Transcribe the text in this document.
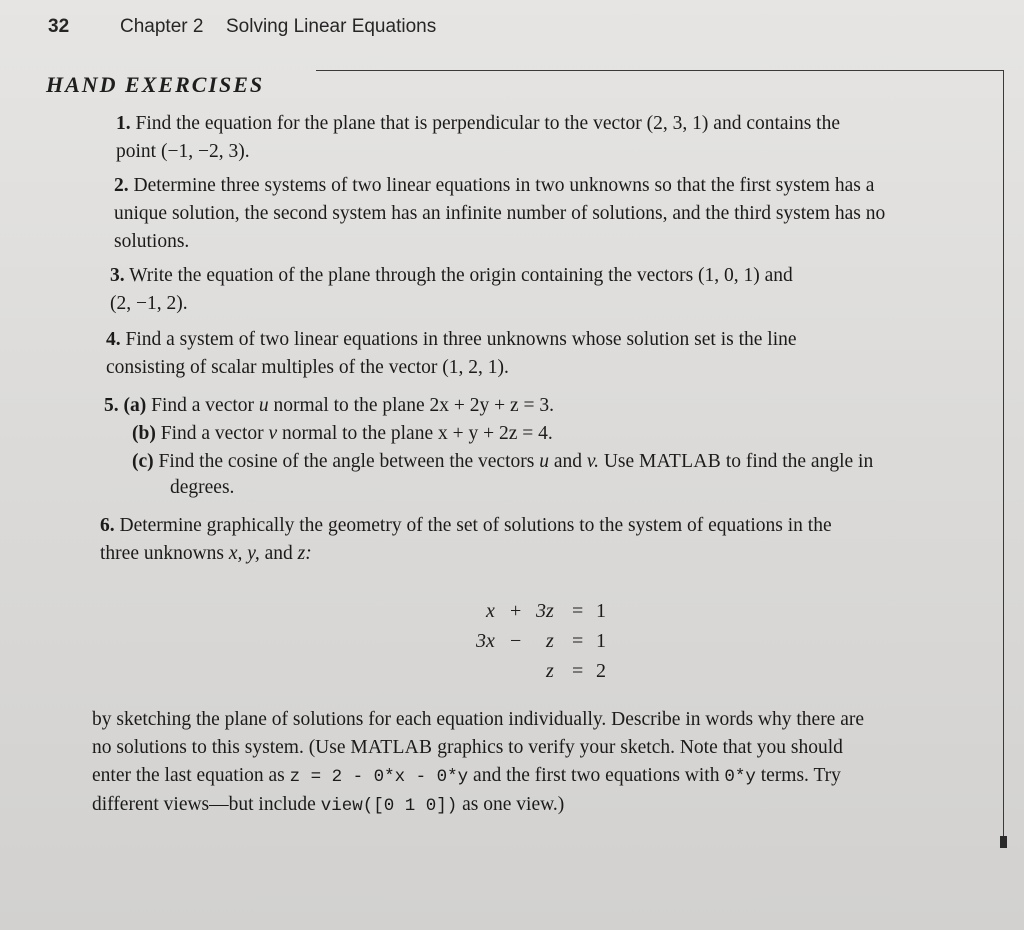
32	Chapter 2 Solving Linear Equations
HAND EXERCISES
1. Find the equation for the plane that is perpendicular to the vector (2, 3, 1) and contains the
point (−1, −2, 3).
2. Determine three systems of two linear equations in two unknowns so that the first system has a
unique solution, the second system has an infinite number of solutions, and the third system has no
solutions.
3. Write the equation of the plane through the origin containing the vectors (1, 0, 1) and
(2, −1, 2).
4. Find a system of two linear equations in three unknowns whose solution set is the line
consisting of scalar multiples of the vector (1, 2, 1).
5. (a) Find a vector u normal to the plane 2x + 2y + z = 3.
(b) Find a vector v normal to the plane x + y + 2z = 4.
(c) Find the cosine of the angle between the vectors u and v. Use MATLAB to find the angle in
degrees.
6. Determine graphically the geometry of the set of solutions to the system of equations in the
three unknowns x, y, and z:
x + 3z = 1
3x − z = 1
z = 2
by sketching the plane of solutions for each equation individually. Describe in words why there are
no solutions to this system. (Use MATLAB graphics to verify your sketch. Note that you should
enter the last equation as z = 2 - 0*x - 0*y and the first two equations with 0*y terms. Try
different views—but include view([0 1 0]) as one view.)
